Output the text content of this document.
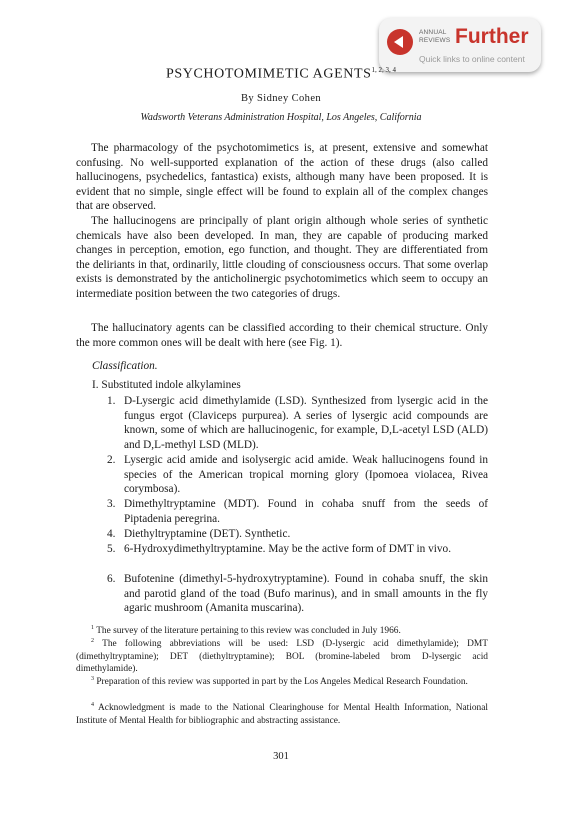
ANNUAL
REVIEWS Further
Quick links to online content
PSYCHOTOMIMETIC AGENTS$^{1, 2, 3, 4}$
By Sidney Cohen
Wadsworth Veterans Administration Hospital, Los Angeles, California
The pharmacology of the psychotomimetics is, at present, extensive and somewhat confusing. No well-supported explanation of the action of these drugs (also called hallucinogens, psychedelics, fantastica) exists, although many have been proposed. It is evident that no simple, single effect will be found to explain all of the complex changes that are observed.
The hallucinogens are principally of plant origin although whole series of synthetic chemicals have also been developed. In man, they are capable of producing marked changes in perception, emotion, ego function, and thought. They are differentiated from the deliriants in that, ordinarily, little clouding of consciousness occurs. That some overlap exists is demonstrated by the anticholinergic psychotomimetics which seem to occupy an intermediate position between the two categories of drugs.
The hallucinatory agents can be classified according to their chemical structure. Only the more common ones will be dealt with here (see Fig. 1).
Classification.
I. Substituted indole alkylamines
1. D-Lysergic acid dimethylamide (LSD). Synthesized from lysergic acid in the fungus ergot (Claviceps purpurea). A series of lysergic acid compounds are known, some of which are hallucinogenic, for example, D,L-acetyl LSD (ALD) and D,L-methyl LSD (MLD).
2. Lysergic acid amide and isolysergic acid amide. Weak hallucinogens found in species of the American tropical morning glory (Ipomoea violacea, Rivea corymbosa).
3. Dimethyltryptamine (MDT). Found in cohaba snuff from the seeds of Piptadenia peregrina.
4. Diethyltryptamine (DET). Synthetic.
5. 6-Hydroxydimethyltryptamine. May be the active form of DMT in vivo.
6. Bufotenine (dimethyl-5-hydroxytryptamine). Found in cohaba snuff, the skin and parotid gland of the toad (Bufo marinus), and in small amounts in the fly agaric mushroom (Amanita muscarina).
$^1$ The survey of the literature pertaining to this review was concluded in July 1966.
$^2$ The following abbreviations will be used: LSD (D-lysergic acid dimethylamide); DMT (dimethyltryptamine); DET (diethyltryptamine); BOL (bromine-labeled brom D-lysergic acid dimethylamide).
$^3$ Preparation of this review was supported in part by the Los Angeles Medical Research Foundation.
$^4$ Acknowledgment is made to the National Clearinghouse for Mental Health Information, National Institute of Mental Health for bibliographic and abstracting assistance.
301
